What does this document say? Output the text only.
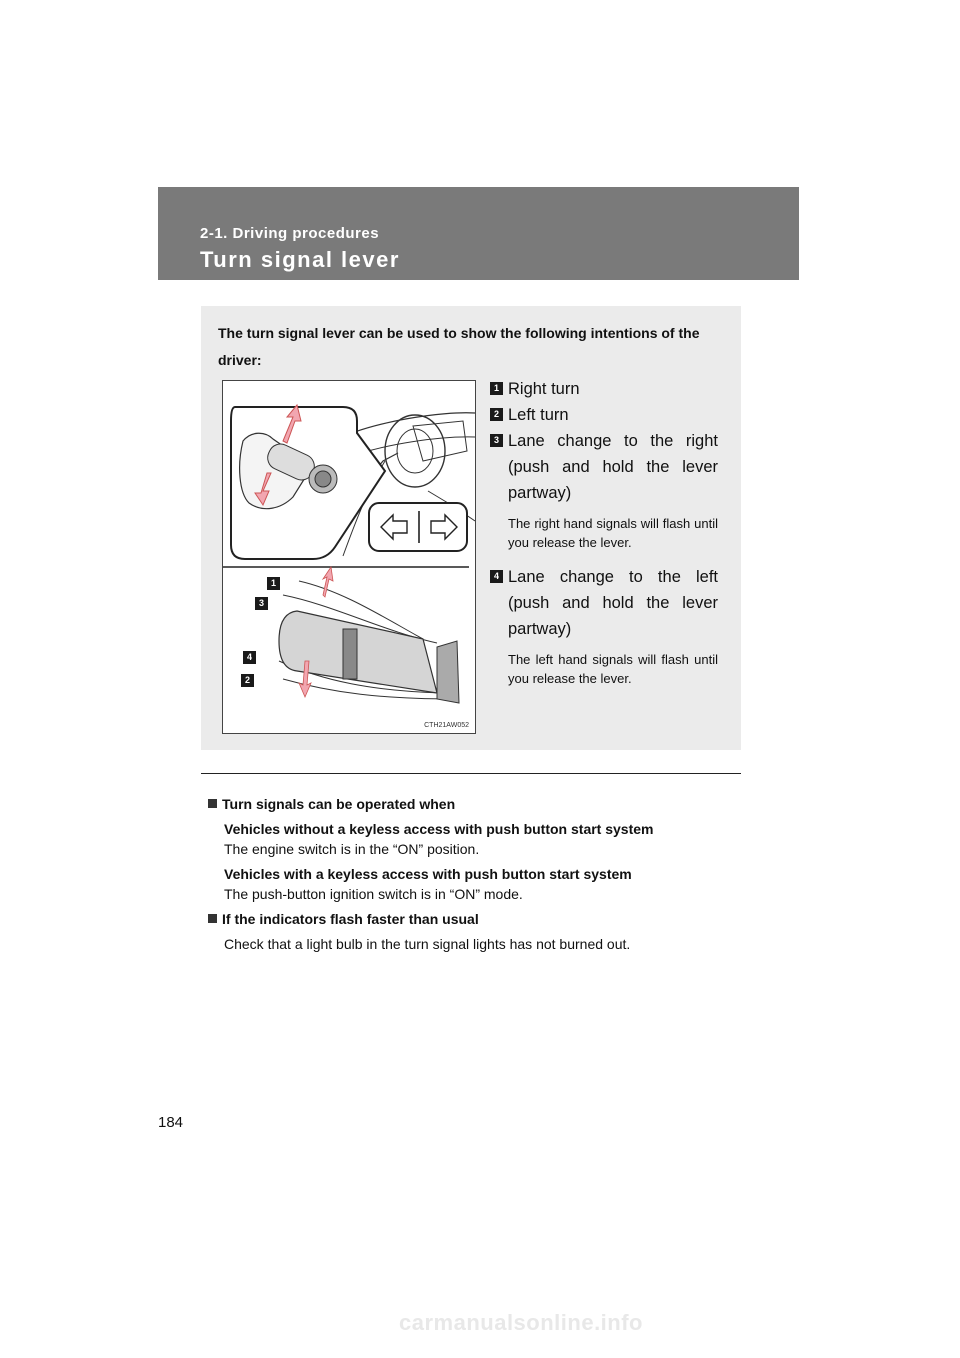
2-1. Driving procedures
Turn signal lever
The turn signal lever can be used to show the following intentions of the driver:
1
3
4
2
CTH21AW052
1 Right turn
2 Left turn
3 Lane change to the right (push and hold the lever partway)
The right hand signals will flash until you release the lever.
4 Lane change to the left (push and hold the lever partway)
The left hand signals will flash until you release the lever.
Turn signals can be operated when
Vehicles without a keyless access with push button start system
The engine switch is in the “ON” position.
Vehicles with a keyless access with push button start system
The push-button ignition switch is in “ON” mode.
If the indicators flash faster than usual
Check that a light bulb in the turn signal lights has not burned out.
184
carmanualsonline.info
